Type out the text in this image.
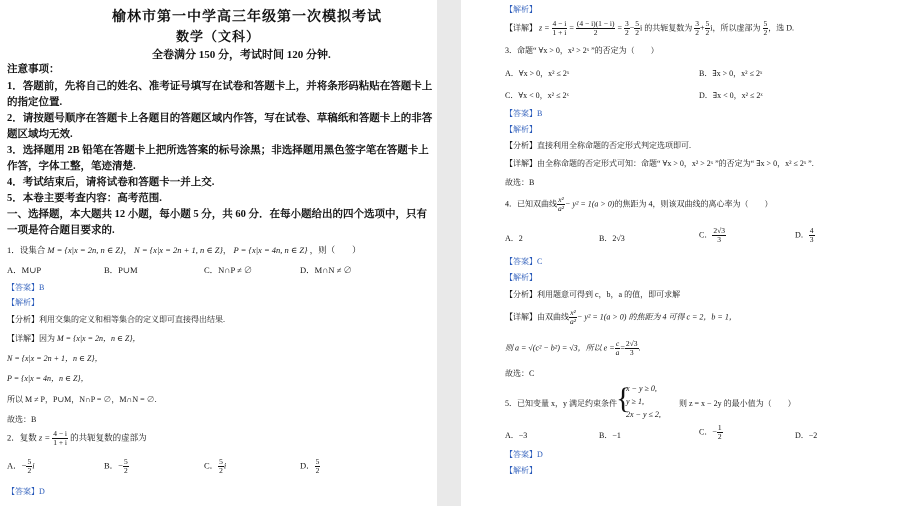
榆林市第一中学高三年级第一次模拟考试
数学（文科）
全卷满分 150 分，考试时间 120 分钟.
注意事项：
1．答题前，先将自己的姓名、准考证号填写在试卷和答题卡上，并将条形码粘贴在答题卡上
的指定位置.
2．请按题号顺序在答题卡上各题目的答题区域内作答，写在试卷、草稿纸和答题卡上的非答
题区域均无效.
3．选择题用 2B 铅笔在答题卡上把所选答案的标号涂黑；非选择题用黑色签字笔在答题卡上
作答，字体工整，笔迹清楚.
4．考试结束后，请将试卷和答题卡一并上交.
5．本卷主要考查内容：高考范围.
一、选择题，本大题共 12 小题，每小题 5 分，共 60 分．在每小题给出的四个选项中，只有
一项是符合题目要求的.
1．设集合 M = {x|x = 2n, n ∈ Z}， N = {x|x = 2n + 1, n ∈ Z}， P = {x|x = 4n, n ∈ Z} ，则（　　）
A．M∪P	B．P∪M	C．N∩P ≠ ∅	D．M∩N ≠ ∅
【答案】B
【解析】
【分析】利用交集的定义和相等集合的定义即可直接得出结果.
【详解】因为 M = {x|x = 2n，n ∈ Z}，
N = {x|x = 2n + 1，n ∈ Z}，
P = {x|x = 4n，n ∈ Z}，
所以 M ≠ P，P∪M，N∩P = ∅，M∩N = ∅.
故选：B
2．复数 $z = \frac{4 - i}{1 + i}$ 的共轭复数的虚部为
A．− $\frac{5}{2}$ i	B．− $\frac{5}{2}$	C． $\frac{5}{2}$ i	D． $\frac{5}{2}$
【答案】D
【解析】
【详解】 $z = \frac{4 - i}{1 + i} = \frac{(4 - i)(1 - i)}{2} = \frac{3}{2} - \frac{5}{2}$ i 的共轭复数为 $\frac{3}{2} + \frac{5}{2}$ i，所以虚部为 $\frac{5}{2}$ ，选 D.
3．命题“ ∀x > 0，x² > 2ˣ ”的否定为（　　）
A．∀x > 0，x² ≤ 2ˣ	B．∃x > 0，x² ≤ 2ˣ
C．∀x < 0，x² ≤ 2ˣ	D．∃x < 0，x² ≤ 2ˣ
【答案】B
【解析】
【分析】直接利用全称命题的否定形式判定选项即可.
【详解】由全称命题的否定形式可知：命题“ ∀x > 0，x² > 2ˣ ”的否定为“ ∃x > 0，x² ≤ 2ˣ ”.
故选：B
4．已知双曲线 $\frac{\text{x²}}{\text{a²}} - y^2 = 1(a > 0)$的焦距为 4，则该双曲线的离心率为（　　）
A．2	B．2√3	C． $\frac{2√3}{3}$	D． $\frac{4}{3}$
【答案】C
【解析】
【分析】利用题意可得到 c，b，a 的值，即可求解
【详解】由双曲线 $\frac{\text{x²}}{\text{a²}} - y^2 = 1(a > 0)$ 的焦距为 4 可得 c = 2，b = 1，
则 a = √(c² − b²) = √3，所以 $e = \frac{c}{a} = \frac{2√3}{3}$ .
故选：C
5．已知变量 x，y 满足约束条件 {
x − y ≥ 0,
y ≥ 1,
2x − y ≤ 2,
则 z = x − 2y 的最小值为（　　）
A．−3	B．−1	C．− $\frac{1}{2}$	D．−2
【答案】D
【解析】
